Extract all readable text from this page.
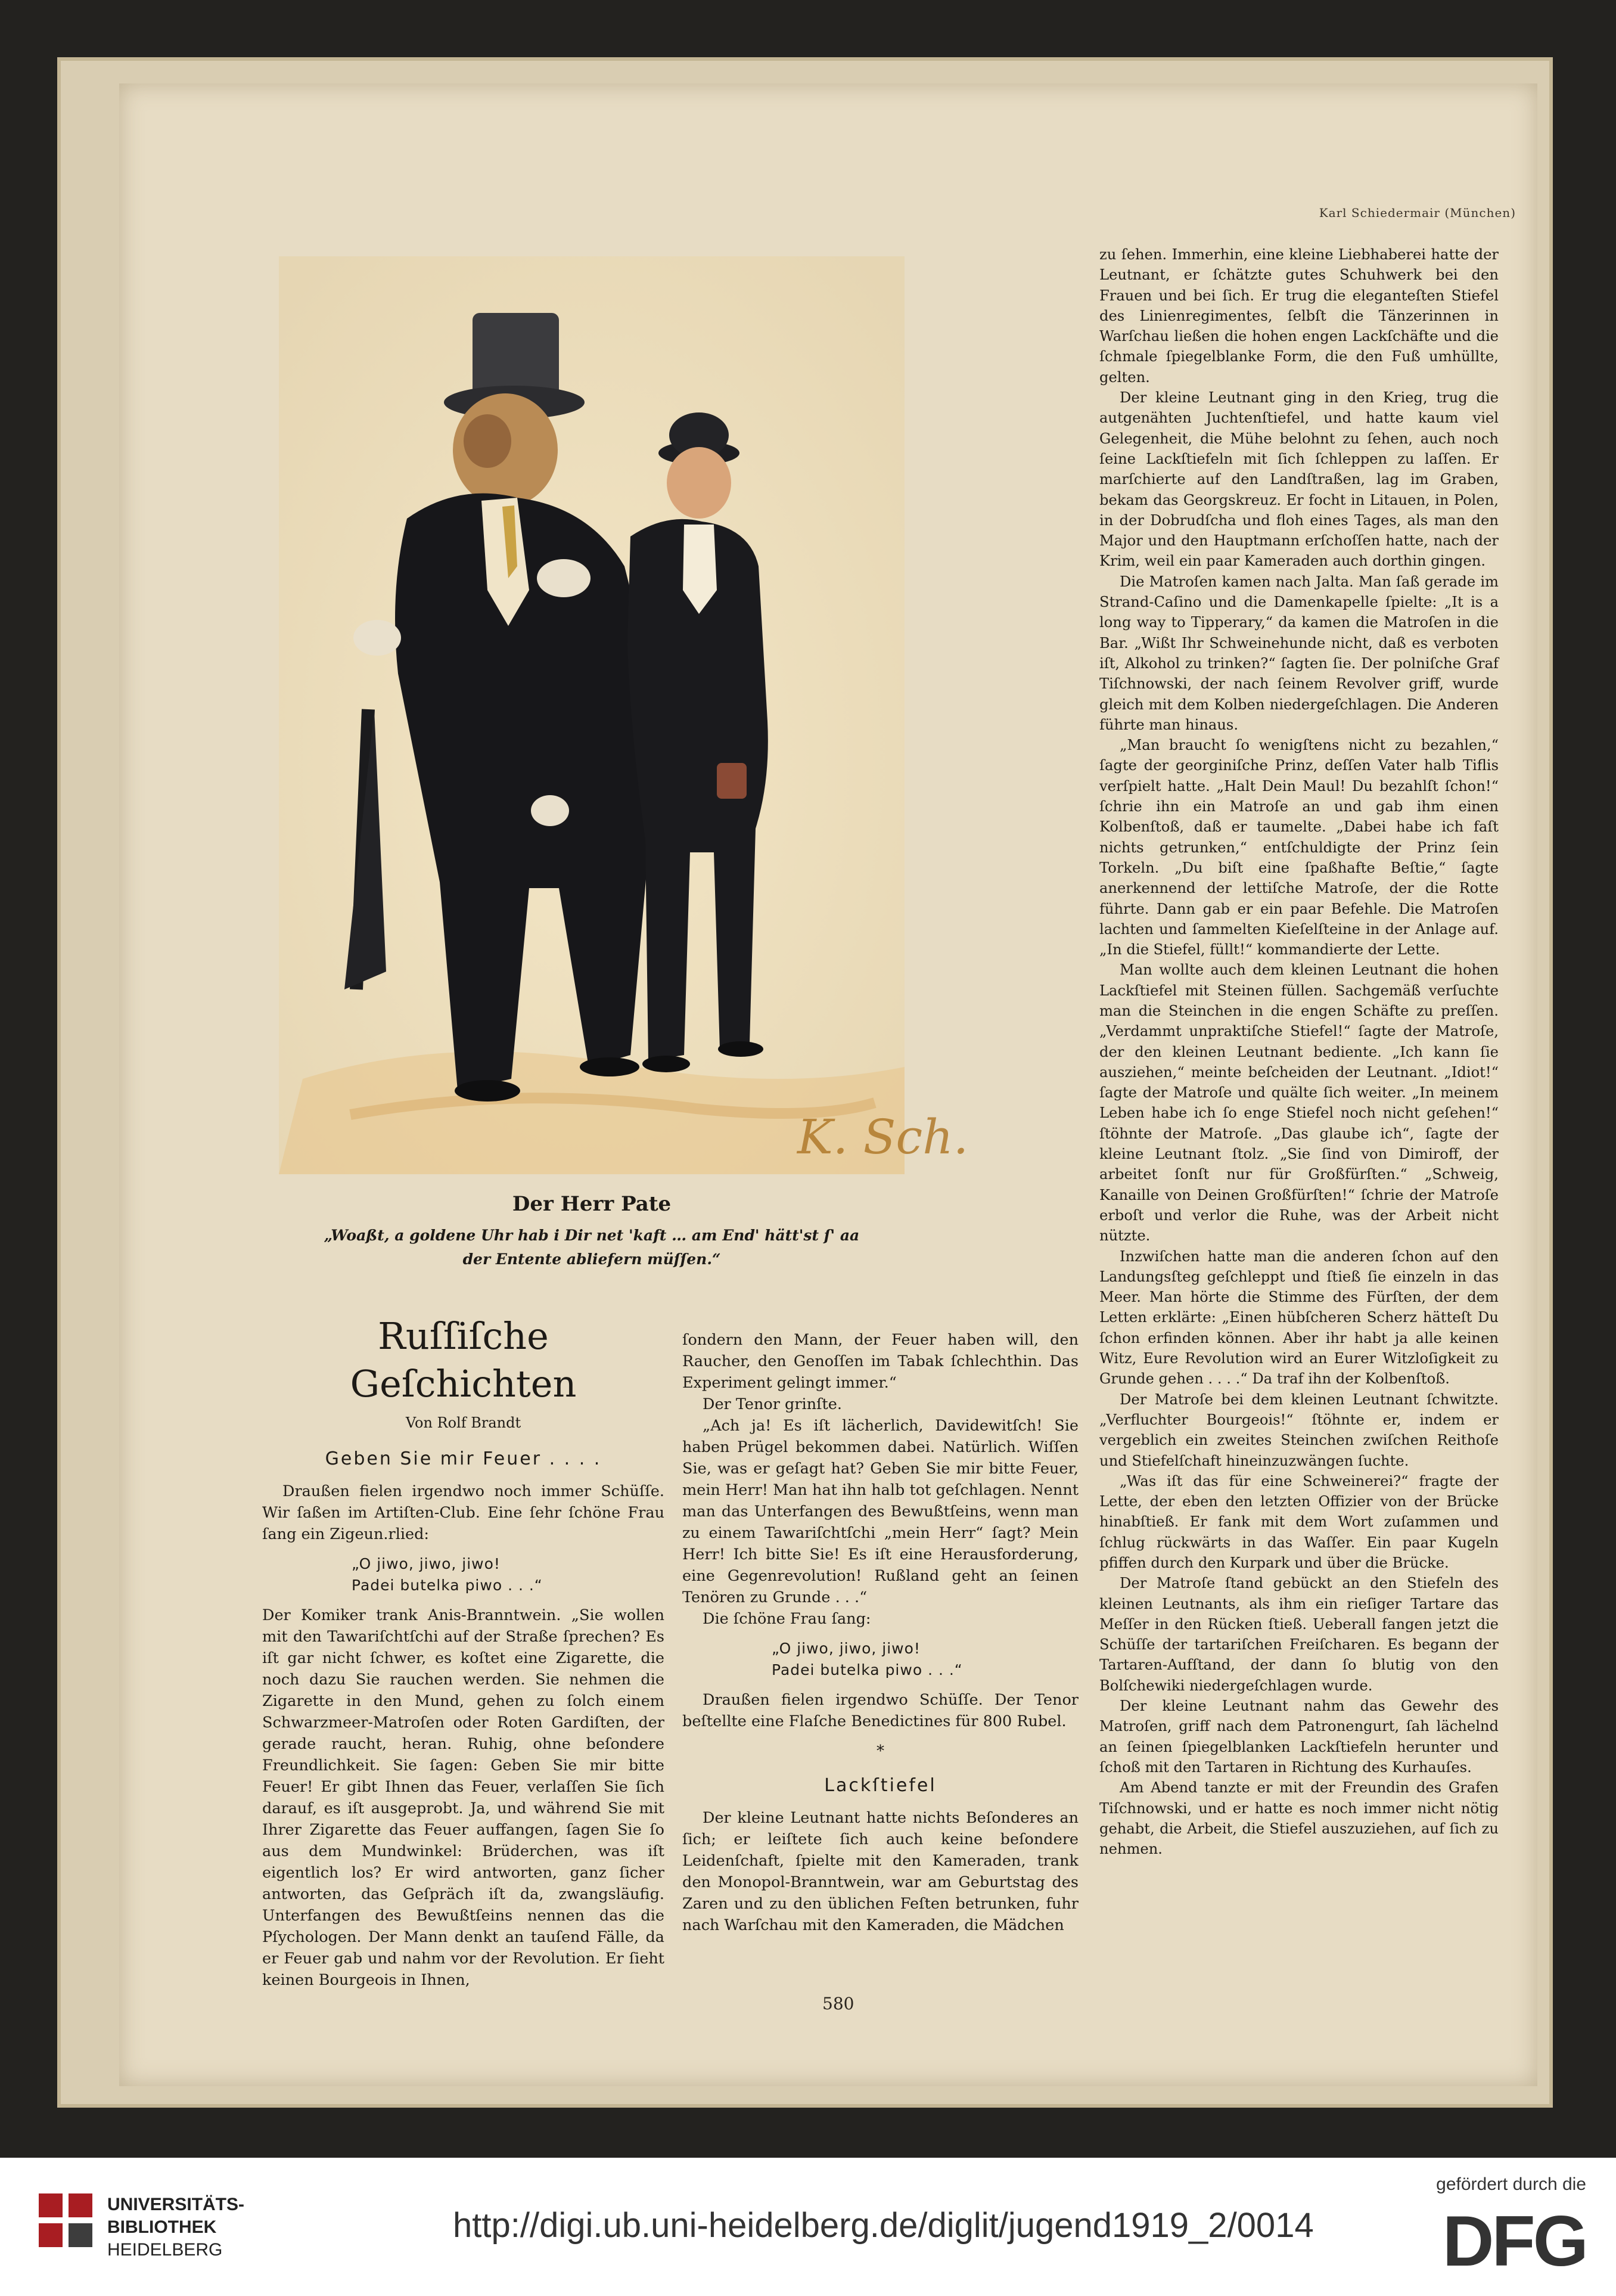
Karl Schiedermair (München)
K. Sch.
Der Herr Pate
„Woaßt, a goldene Uhr hab i Dir net 'kaft … am End' hätt'st ſ' aa
der Entente abliefern müſſen.“
Ruſſiſche Geſchichten
Von Rolf Brandt
Geben Sie mir Feuer . . . .

Draußen fielen irgendwo noch immer Schüſſe. Wir ſaßen im Artiſten-Club. Eine ſehr ſchöne Frau ſang ein Zigeun.rlied:

„O jiwo, jiwo, jiwo!
Padei butelka piwo . . .“

Der Komiker trank Anis-Branntwein. „Sie wollen mit den Tawariſchtſchi auf der Straße ſprechen? Es iſt gar nicht ſchwer, es koſtet eine Zigarette, die noch dazu Sie rauchen werden. Sie nehmen die Zigarette in den Mund, gehen zu ſolch einem Schwarzmeer-Matroſen oder Roten Gardiſten, der gerade raucht, heran. Ruhig, ohne beſondere Freundlichkeit. Sie ſagen: Geben Sie mir bitte Feuer! Er gibt Ihnen das Feuer, verlaſſen Sie ſich darauf, es iſt ausgeprobt. Ja, und während Sie mit Ihrer Zigarette das Feuer auffangen, ſagen Sie ſo aus dem Mundwinkel: Brüderchen, was iſt eigentlich los? Er wird antworten, ganz ſicher antworten, das Geſpräch iſt da, zwangsläufig. Unterfangen des Bewußtſeins nennen das die Pſychologen. Der Mann denkt an tauſend Fälle, da er Feuer gab und nahm vor der Revolution. Er ſieht keinen Bourgeois in Ihnen,

ſondern den Mann, der Feuer haben will, den Raucher, den Genoſſen im Tabak ſchlechthin. Das Experiment gelingt immer.“

Der Tenor grinſte.

„Ach ja! Es iſt lächerlich, Davidewitſch! Sie haben Prügel bekommen dabei. Natürlich. Wiſſen Sie, was er geſagt hat? Geben Sie mir bitte Feuer, mein Herr! Man hat ihn halb tot geſchlagen. Nennt man das Unterfangen des Bewußtſeins, wenn man zu einem Tawariſchtſchi „mein Herr“ ſagt? Mein Herr! Ich bitte Sie! Es iſt eine Herausforderung, eine Gegenrevolution! Rußland geht an ſeinen Tenören zu Grunde . . .“

Die ſchöne Frau ſang:

„O jiwo, jiwo, jiwo!
Padei butelka piwo . . .“

Draußen fielen irgendwo Schüſſe. Der Tenor beſtellte eine Flaſche Benedictines für 800 Rubel.

*
Lackſtiefel

Der kleine Leutnant hatte nichts Beſonderes an ſich; er leiſtete ſich auch keine beſondere Leidenſchaft, ſpielte mit den Kameraden, trank den Monopol-Branntwein, war am Geburtstag des Zaren und zu den üblichen Feſten betrunken, fuhr nach Warſchau mit den Kameraden, die Mädchen

zu ſehen. Immerhin, eine kleine Liebhaberei hatte der Leutnant, er ſchätzte gutes Schuhwerk bei den Frauen und bei ſich. Er trug die eleganteſten Stiefel des Linienregimentes, ſelbſt die Tänzerinnen in Warſchau ließen die hohen engen Lackſchäfte und die ſchmale ſpiegelblanke Form, die den Fuß umhüllte, gelten.

Der kleine Leutnant ging in den Krieg, trug die autgenähten Juchtenſtiefel, und hatte kaum viel Gelegenheit, die Mühe belohnt zu ſehen, auch noch ſeine Lackſtiefeln mit ſich ſchleppen zu laſſen. Er marſchierte auf den Landſtraßen, lag im Graben, bekam das Georgskreuz. Er focht in Litauen, in Polen, in der Dobrudſcha und floh eines Tages, als man den Major und den Hauptmann erſchoſſen hatte, nach der Krim, weil ein paar Kameraden auch dorthin gingen.

Die Matroſen kamen nach Jalta. Man ſaß gerade im Strand-Caſino und die Damenkapelle ſpielte: „It is a long way to Tipperary,“ da kamen die Matroſen in die Bar. „Wißt Ihr Schweinehunde nicht, daß es verboten iſt, Alkohol zu trinken?“ ſagten ſie. Der polniſche Graf Tiſchnowski, der nach ſeinem Revolver griff, wurde gleich mit dem Kolben niedergeſchlagen. Die Anderen führte man hinaus.

„Man braucht ſo wenigſtens nicht zu bezahlen,“ ſagte der georginiſche Prinz, deſſen Vater halb Tiflis verſpielt hatte. „Halt Dein Maul! Du bezahlſt ſchon!“ ſchrie ihn ein Matroſe an und gab ihm einen Kolbenſtoß, daß er taumelte. „Dabei habe ich faſt nichts getrunken,“ entſchuldigte der Prinz ſein Torkeln. „Du biſt eine ſpaßhafte Beſtie,“ ſagte anerkennend der lettiſche Matroſe, der die Rotte führte. Dann gab er ein paar Befehle. Die Matroſen lachten und ſammelten Kieſelſteine in der Anlage auf. „In die Stiefel, füllt!“ kommandierte der Lette.

Man wollte auch dem kleinen Leutnant die hohen Lackſtiefel mit Steinen füllen. Sachgemäß verſuchte man die Steinchen in die engen Schäfte zu preſſen. „Verdammt unpraktiſche Stiefel!“ ſagte der Matroſe, der den kleinen Leutnant bediente. „Ich kann ſie ausziehen,“ meinte beſcheiden der Leutnant. „Idiot!“ ſagte der Matroſe und quälte ſich weiter. „In meinem Leben habe ich ſo enge Stiefel noch nicht geſehen!“ ſtöhnte der Matroſe. „Das glaube ich“, ſagte der kleine Leutnant ſtolz. „Sie ſind von Dimiroff, der arbeitet ſonſt nur für Großfürſten.“ „Schweig, Kanaille von Deinen Großfürſten!“ ſchrie der Matroſe erboſt und verlor die Ruhe, was der Arbeit nicht nützte.

Inzwiſchen hatte man die anderen ſchon auf den Landungsſteg geſchleppt und ſtieß ſie einzeln in das Meer. Man hörte die Stimme des Fürſten, der dem Letten erklärte: „Einen hübſcheren Scherz hätteſt Du ſchon erfinden können. Aber ihr habt ja alle keinen Witz, Eure Revolution wird an Eurer Witzloſigkeit zu Grunde gehen . . . .“ Da traf ihn der Kolbenſtoß.

Der Matroſe bei dem kleinen Leutnant ſchwitzte. „Verfluchter Bourgeois!“ ſtöhnte er, indem er vergeblich ein zweites Steinchen zwiſchen Reithoſe und Stiefelſchaft hineinzuzwängen ſuchte.

„Was iſt das für eine Schweinerei?“ fragte der Lette, der eben den letzten Offizier von der Brücke hinabſtieß. Er fank mit dem Wort zuſammen und ſchlug rückwärts in das Waſſer. Ein paar Kugeln pfiffen durch den Kurpark und über die Brücke.

Der Matroſe ſtand gebückt an den Stiefeln des kleinen Leutnants, als ihm ein rieſiger Tartare das Meſſer in den Rücken ſtieß. Ueberall fangen jetzt die Schüſſe der tartariſchen Freiſcharen. Es begann der Tartaren-Aufſtand, der dann ſo blutig von den Bolſchewiki niedergeſchlagen wurde.

Der kleine Leutnant nahm das Gewehr des Matroſen, griff nach dem Patronengurt, ſah lächelnd an ſeinen ſpiegelblanken Lackſtiefeln herunter und ſchoß mit den Tartaren in Richtung des Kurhauſes.

Am Abend tanzte er mit der Freundin des Grafen Tiſchnowski, und er hatte es noch immer nicht nötig gehabt, die Arbeit, die Stiefel auszuziehen, auf ſich zu nehmen.

580
UNIVERSITÄTS-
BIBLIOTHEK
HEIDELBERG
http://digi.ub.uni-heidelberg.de/diglit/jugend1919_2/0014
gefördert durch die
DFG
